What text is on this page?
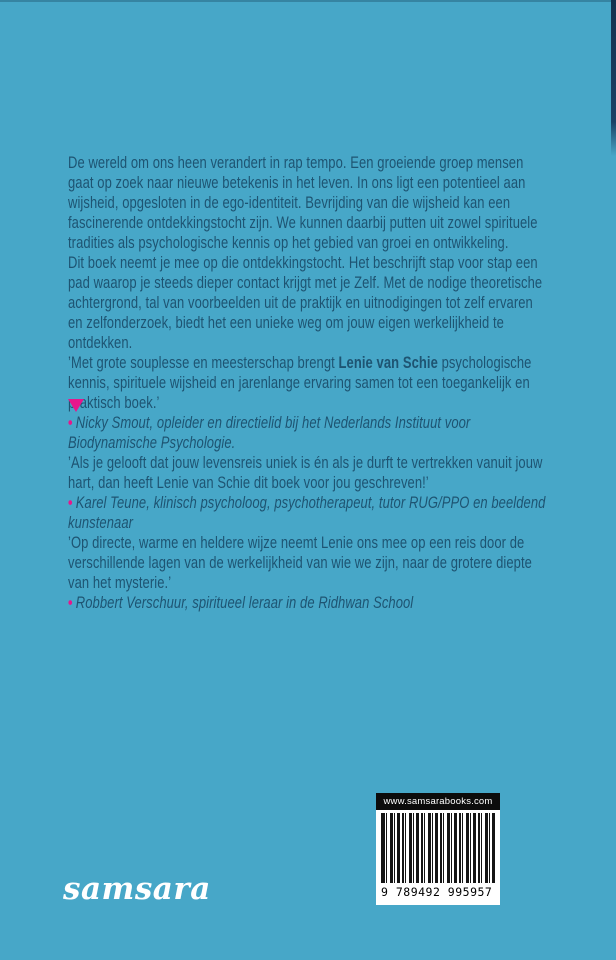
De wereld om ons heen verandert in rap tempo. Een groeiende groep mensen gaat op zoek naar nieuwe betekenis in het leven. In ons ligt een potentieel aan wijsheid, opgesloten in de ego-identiteit. Bevrijding van die wijsheid kan een fascinerende ontdekkingstocht zijn. We kunnen daarbij putten uit zowel spirituele tradities als psychologische kennis op het gebied van groei en ontwikkeling.

Dit boek neemt je mee op die ontdekkingstocht. Het beschrijft stap voor stap een pad waarop je steeds dieper contact krijgt met je Zelf. Met de nodige theoretische achtergrond, tal van voorbeelden uit de praktijk en uitnodigingen tot zelf ervaren en zelfonderzoek, biedt het een unieke weg om jouw eigen werkelijkheid te ontdekken.

’Met grote souplesse en meesterschap brengt Lenie van Schie psychologische kennis, spirituele wijsheid en jarenlange ervaring samen tot een toegankelijk en praktisch boek.’

• Nicky Smout, opleider en directielid bij het Nederlands Instituut voor Biodynamische Psychologie.

’Als je gelooft dat jouw levensreis uniek is én als je durft te vertrekken vanuit jouw hart, dan heeft Lenie van Schie dit boek voor jou geschreven!’

• Karel Teune, klinisch psycholoog, psychotherapeut, tutor RUG/PPO en beeldend kunstenaar

’Op directe, warme en heldere wijze neemt Lenie ons mee op een reis door de verschillende lagen van de werkelijkheid van wie we zijn, naar de grotere diepte van het mysterie.’

• Robbert Verschuur, spiritueel leraar in de Ridhwan School

www.samsarabooks.com
9 789492 995957
samsara
